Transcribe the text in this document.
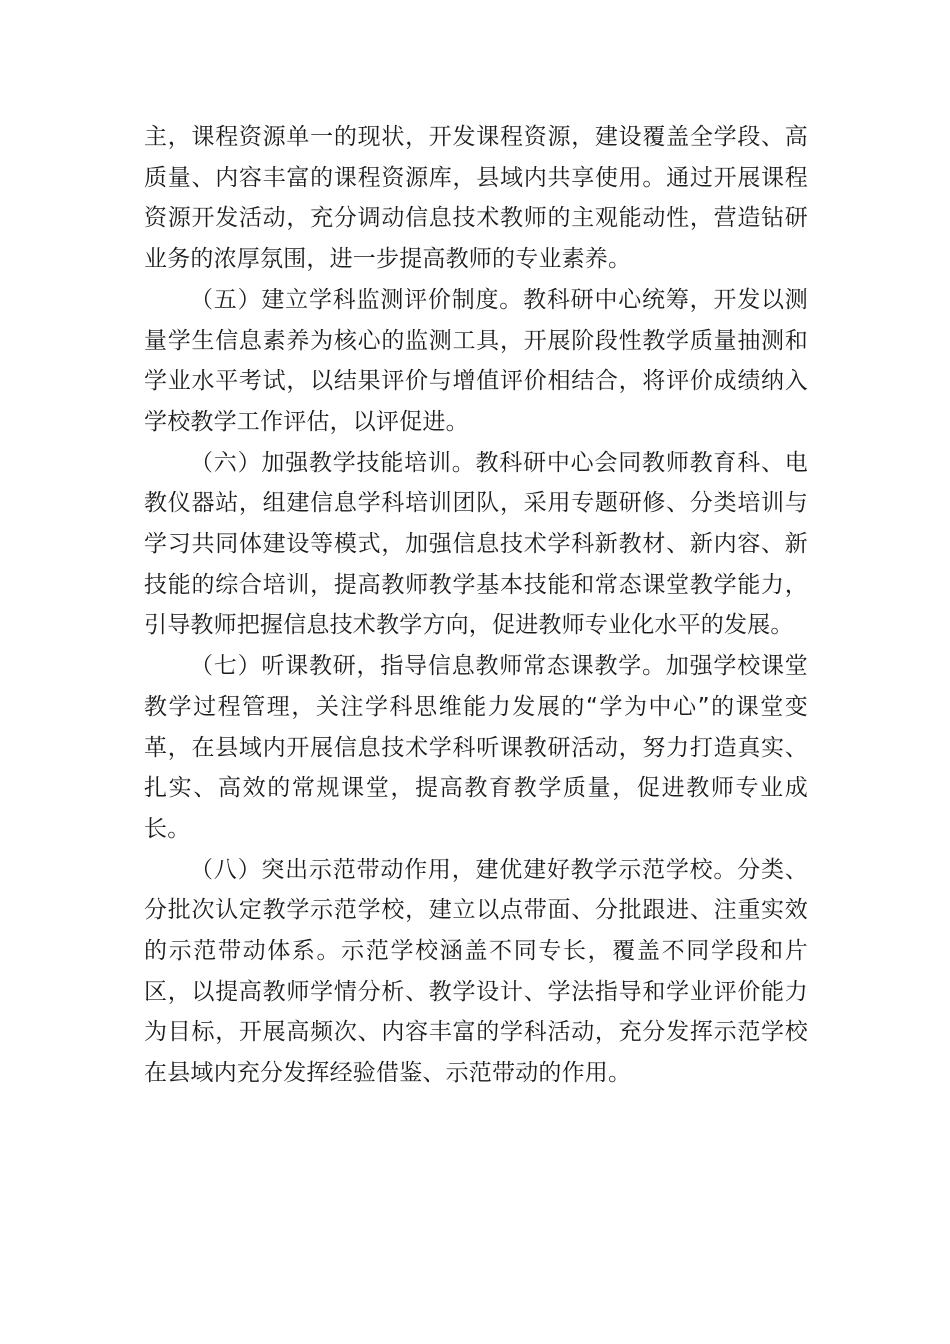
主，课程资源单一的现状，开发课程资源，建设覆盖全学段、高质量、内容丰富的课程资源库，县域内共享使用。通过开展课程资源开发活动，充分调动信息技术教师的主观能动性，营造钻研业务的浓厚氛围，进一步提高教师的专业素养。

（五）建立学科监测评价制度。教科研中心统筹，开发以测量学生信息素养为核心的监测工具，开展阶段性教学质量抽测和学业水平考试，以结果评价与增值评价相结合，将评价成绩纳入学校教学工作评估，以评促进。

（六）加强教学技能培训。教科研中心会同教师教育科、电教仪器站，组建信息学科培训团队，采用专题研修、分类培训与学习共同体建设等模式，加强信息技术学科新教材、新内容、新技能的综合培训，提高教师教学基本技能和常态课堂教学能力，引导教师把握信息技术教学方向，促进教师专业化水平的发展。

（七）听课教研，指导信息教师常态课教学。加强学校课堂教学过程管理，关注学科思维能力发展的“学为中心”的课堂变革，在县域内开展信息技术学科听课教研活动，努力打造真实、扎实、高效的常规课堂，提高教育教学质量，促进教师专业成长。

（八）突出示范带动作用，建优建好教学示范学校。分类、分批次认定教学示范学校，建立以点带面、分批跟进、注重实效的示范带动体系。示范学校涵盖不同专长，覆盖不同学段和片区，以提高教师学情分析、教学设计、学法指导和学业评价能力为目标，开展高频次、内容丰富的学科活动，充分发挥示范学校在县域内充分发挥经验借鉴、示范带动的作用。
